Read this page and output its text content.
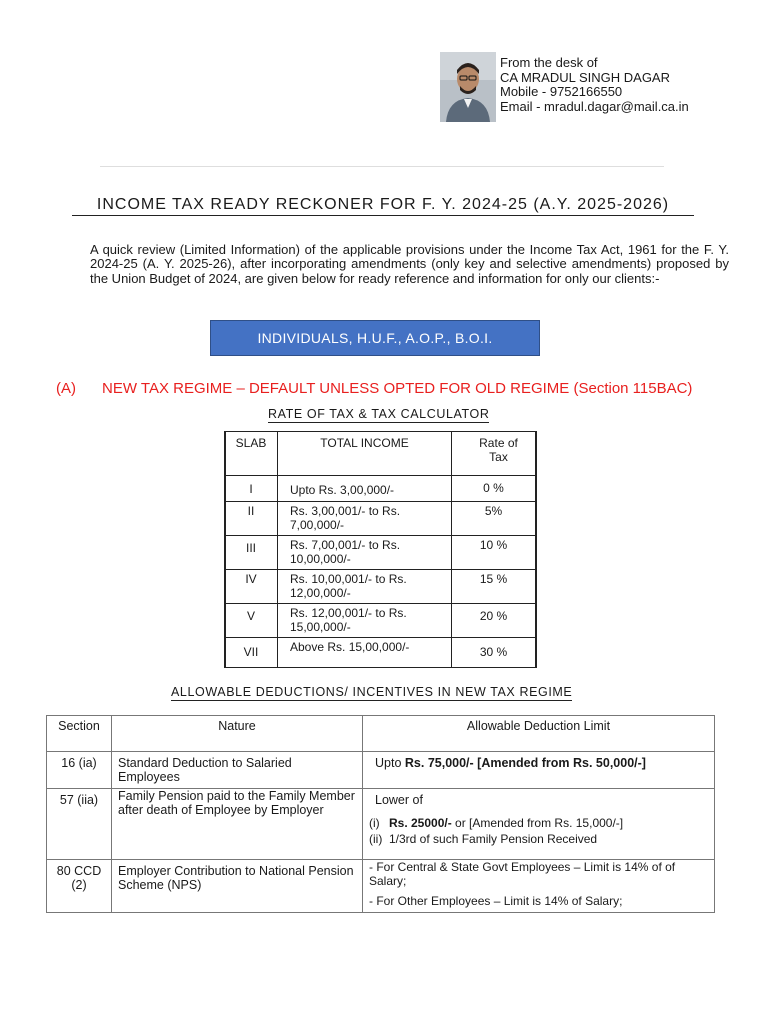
From the desk of
CA MRADUL SINGH DAGAR
Mobile - 9752166550
Email - mradul.dagar@mail.ca.in
INCOME TAX READY RECKONER FOR F. Y. 2024-25 (A.Y. 2025-2026)
A quick review (Limited Information) of the applicable provisions under the Income Tax Act, 1961 for the F. Y. 2024-25 (A. Y. 2025-26), after incorporating amendments (only key and selective amendments) proposed by the Union Budget of 2024, are given below for ready reference and information for only our clients:-
INDIVIDUALS, H.U.F., A.O.P., B.O.I.
(A) NEW TAX REGIME – DEFAULT UNLESS OPTED FOR OLD REGIME (Section 115BAC)
RATE OF TAX & TAX CALCULATOR
SLAB	TOTAL INCOME	Rate of Tax
I	Upto Rs. 3,00,000/-	0 %
II	Rs. 3,00,001/- to Rs. 7,00,000/-	5%
III	Rs. 7,00,001/- to Rs. 10,00,000/-	10 %
IV	Rs. 10,00,001/- to Rs. 12,00,000/-	15 %
V	Rs. 12,00,001/- to Rs. 15,00,000/-	20 %
VII	Above Rs. 15,00,000/-	30 %
ALLOWABLE DEDUCTIONS/ INCENTIVES IN NEW TAX REGIME
Section	Nature	Allowable Deduction Limit
16 (ia)	Standard Deduction to Salaried Employees	Upto Rs. 75,000/- [Amended from Rs. 50,000/-]
57 (iia)	Family Pension paid to the Family Member after death of Employee by Employer	Lower of
(i) Rs. 25000/- or [Amended from Rs. 15,000/-]
(ii) 1/3rd of such Family Pension Received

80 CCD (2)	Employer Contribution to National Pension Scheme (NPS)	- For Central & State Govt Employees – Limit is 14% of of Salary;
- For Other Employees – Limit is 14% of Salary;
